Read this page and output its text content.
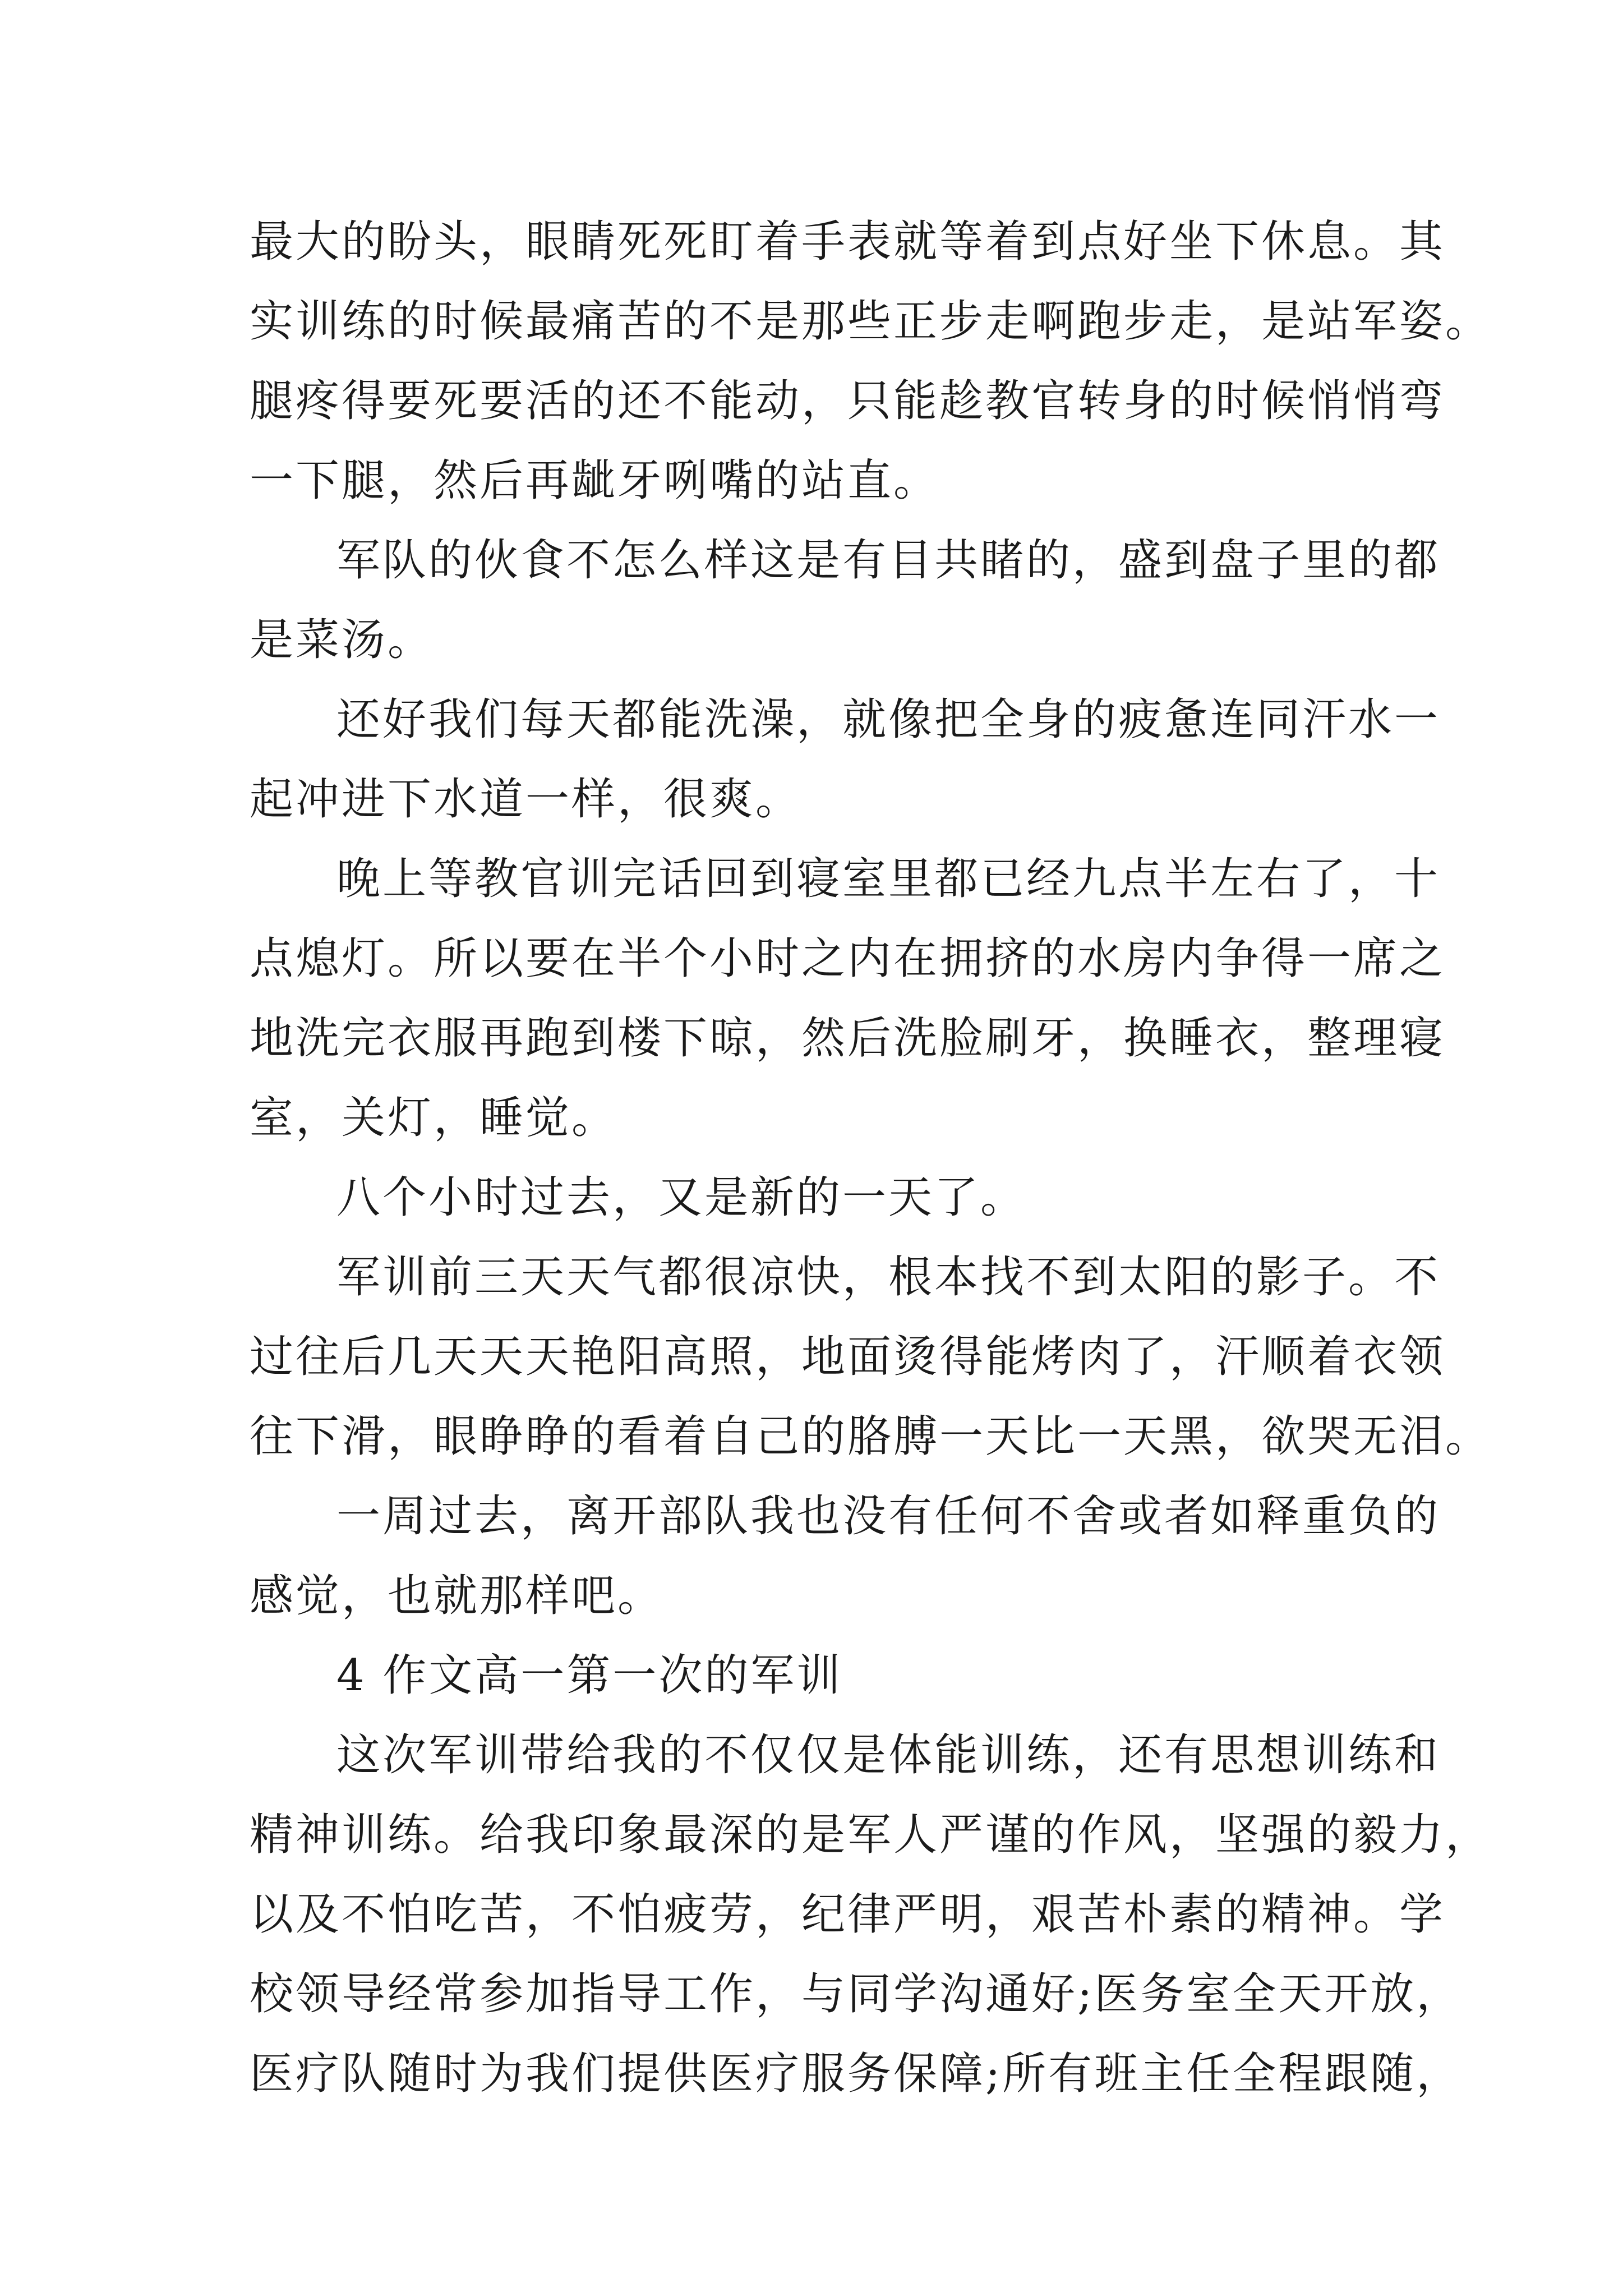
最大的盼头，眼睛死死盯着手表就等着到点好坐下休息。其
实训练的时候最痛苦的不是那些正步走啊跑步走，是站军姿。
腿疼得要死要活的还不能动，只能趁教官转身的时候悄悄弯
一下腿，然后再龇牙咧嘴的站直。
军队的伙食不怎么样这是有目共睹的，盛到盘子里的都
是菜汤。
还好我们每天都能洗澡，就像把全身的疲惫连同汗水一
起冲进下水道一样，很爽。
晚上等教官训完话回到寝室里都已经九点半左右了，十
点熄灯。所以要在半个小时之内在拥挤的水房内争得一席之
地洗完衣服再跑到楼下晾，然后洗脸刷牙，换睡衣，整理寝
室，关灯，睡觉。
八个小时过去，又是新的一天了。
军训前三天天气都很凉快，根本找不到太阳的影子。不
过往后几天天天艳阳高照，地面烫得能烤肉了，汗顺着衣领
往下滑，眼睁睁的看着自己的胳膊一天比一天黑，欲哭无泪。
一周过去，离开部队我也没有任何不舍或者如释重负的
感觉，也就那样吧。
4 作文高一第一次的军训
这次军训带给我的不仅仅是体能训练，还有思想训练和
精神训练。给我印象最深的是军人严谨的作风，坚强的毅力，
以及不怕吃苦，不怕疲劳，纪律严明，艰苦朴素的精神。学
校领导经常参加指导工作，与同学沟通好;医务室全天开放，
医疗队随时为我们提供医疗服务保障;所有班主任全程跟随，
